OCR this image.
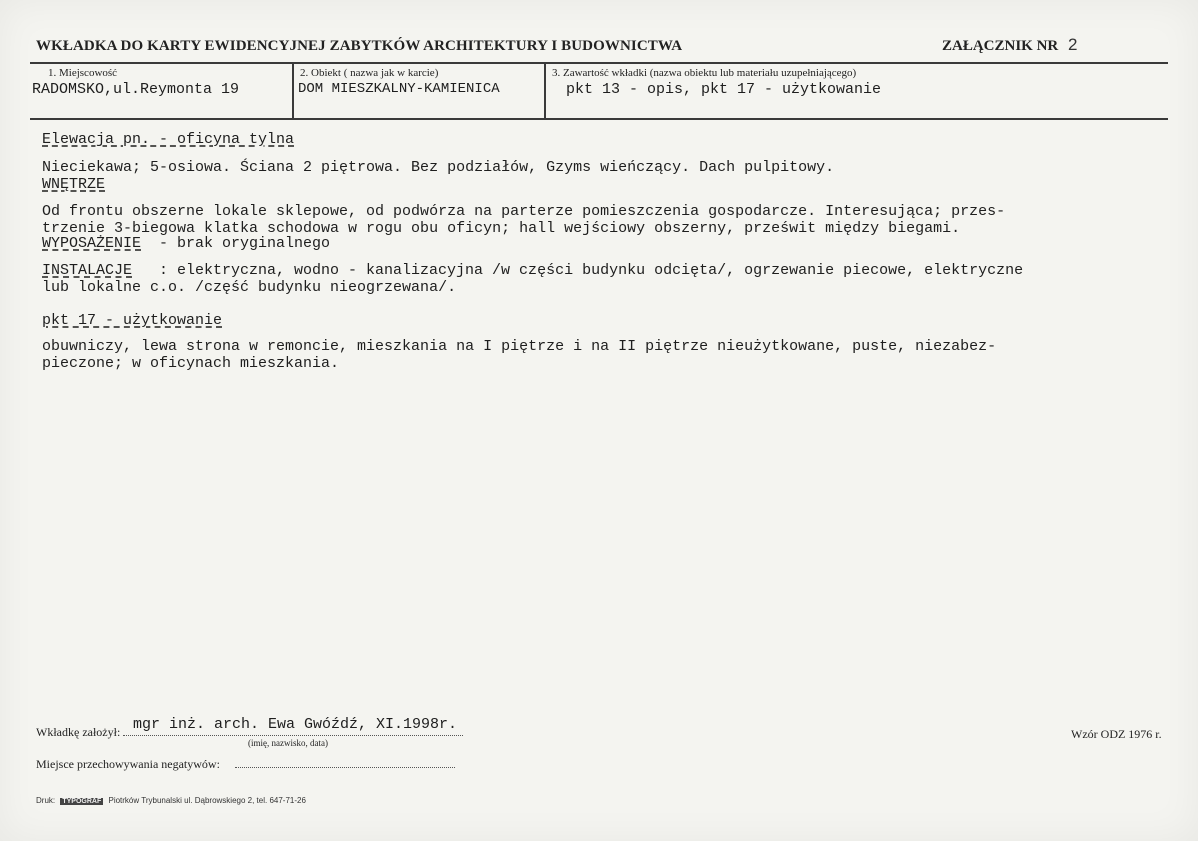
WKŁADKA DO KARTY EWIDENCYJNEJ ZABYTKÓW ARCHITEKTURY I BUDOWNICTWA	ZAŁĄCZNIK NR 2
1. Miejscowość
RADOMSKO,ul.Reymonta 19
2. Obiekt ( nazwa jak w karcie)
DOM MIESZKALNY-KAMIENICA
3. Zawartość wkładki (nazwa obiektu lub materiału uzupełniającego)
pkt 13 - opis, pkt 17 - użytkowanie
Elewacja pn. - oficyna tylna
Nieciekawa; 5-osiowa. Ściana 2 piętrowa. Bez podziałów, Gzyms wieńczący. Dach pulpitowy.
WNĘTRZE
Od frontu obszerne lokale sklepowe, od podwórza na parterze pomieszczenia gospodarcze. Interesująca; przes-
trzenie 3-biegowa klatka schodowa w rogu obu oficyn; hall wejściowy obszerny, prześwit między biegami.
WYPOSAŻENIE - brak oryginalnego
INSTALACJE : elektryczna, wodno - kanalizacyjna /w części budynku odcięta/, ogrzewanie piecowe, elektryczne
lub lokalne c.o. /część budynku nieogrzewana/.
pkt 17 - użytkowanie
obuwniczy, lewa strona w remoncie, mieszkania na I piętrze i na II piętrze nieużytkowane, puste, niezabez-
pieczone; w oficynach mieszkania.
Wkładkę założył: mgr inż. arch. Ewa Gwóźdź, XI.1998r.
(imię, nazwisko, data)
Miejsce przechowywania negatywów:
Wzór ODZ 1976 r.
Druk: TYPOGRAF Piotrków Trybunalski ul. Dąbrowskiego 2, tel. 647-71-26
